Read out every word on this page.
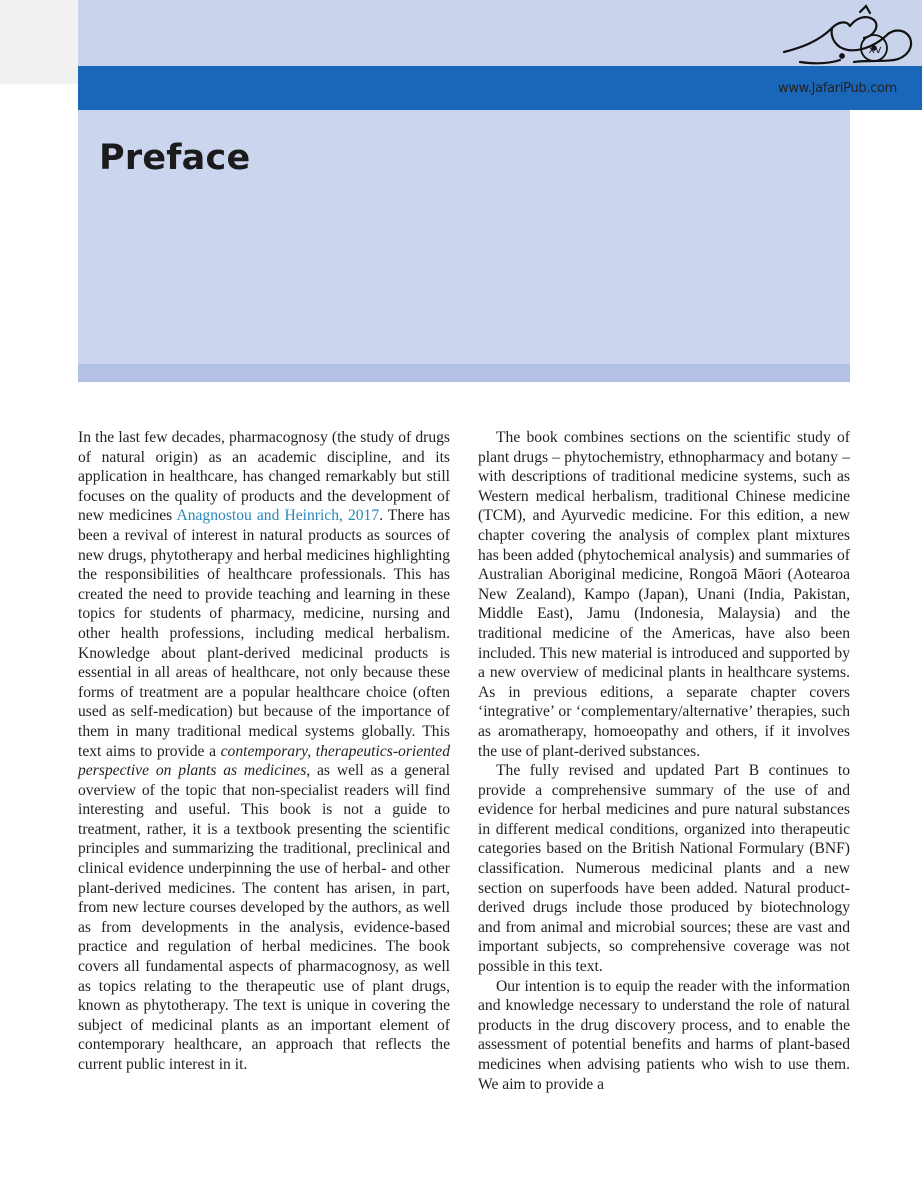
Preface
www.JafariPub.com
xv

In the last few decades, pharmacognosy (the study of drugs of natural origin) as an academic discipline, and its application in healthcare, has changed remarkably but still focuses on the quality of products and the development of new medicines Anagnostou and Heinrich, 2017. There has been a revival of interest in natural products as sources of new drugs, phytotherapy and herbal medicines highlighting the responsibilities of healthcare professionals. This has created the need to provide teaching and learning in these topics for students of pharmacy, medicine, nursing and other health professions, including medical herbalism. Knowledge about plant-derived medicinal products is essential in all areas of healthcare, not only because these forms of treatment are a popular healthcare choice (often used as self-medication) but because of the importance of them in many traditional medical systems globally. This text aims to provide a contemporary, therapeutics-oriented perspective on plants as medicines, as well as a general overview of the topic that non-specialist readers will find interesting and useful. This book is not a guide to treatment, rather, it is a textbook presenting the scientific principles and summarizing the traditional, preclinical and clinical evidence underpinning the use of herbal- and other plant-derived medicines. The content has arisen, in part, from new lecture courses developed by the authors, as well as from developments in the analysis, evidence-based practice and regulation of herbal medicines. The book covers all fundamental aspects of pharmacognosy, as well as topics relating to the therapeutic use of plant drugs, known as phytotherapy. The text is unique in covering the subject of medicinal plants as an important element of contemporary healthcare, an approach that reflects the current public interest in it.

The book combines sections on the scientific study of plant drugs – phytochemistry, ethnopharmacy and botany – with descriptions of traditional medicine systems, such as Western medical herbalism, traditional Chinese medicine (TCM), and Ayurvedic medicine. For this edition, a new chapter covering the analysis of complex plant mixtures has been added (phytochemical analysis) and summaries of Australian Aboriginal medicine, Rongoā Māori (Aotearoa New Zealand), Kampo (Japan), Unani (India, Pakistan, Middle East), Jamu (Indonesia, Malaysia) and the traditional medicine of the Americas, have also been included. This new material is introduced and supported by a new overview of medicinal plants in healthcare systems. As in previous editions, a separate chapter covers ‘integrative’ or ‘complementary/alternative’ therapies, such as aromatherapy, homoeopathy and others, if it involves the use of plant-derived substances.

The fully revised and updated Part B continues to provide a comprehensive summary of the use of and evidence for herbal medicines and pure natural substances in different medical conditions, organized into therapeutic categories based on the British National Formulary (BNF) classification. Numerous medicinal plants and a new section on superfoods have been added. Natural product-derived drugs include those produced by biotechnology and from animal and microbial sources; these are vast and important subjects, so comprehensive coverage was not possible in this text.

Our intention is to equip the reader with the information and knowledge necessary to understand the role of natural products in the drug discovery process, and to enable the assessment of potential benefits and harms of plant-based medicines when advising patients who wish to use them. We aim to provide a
